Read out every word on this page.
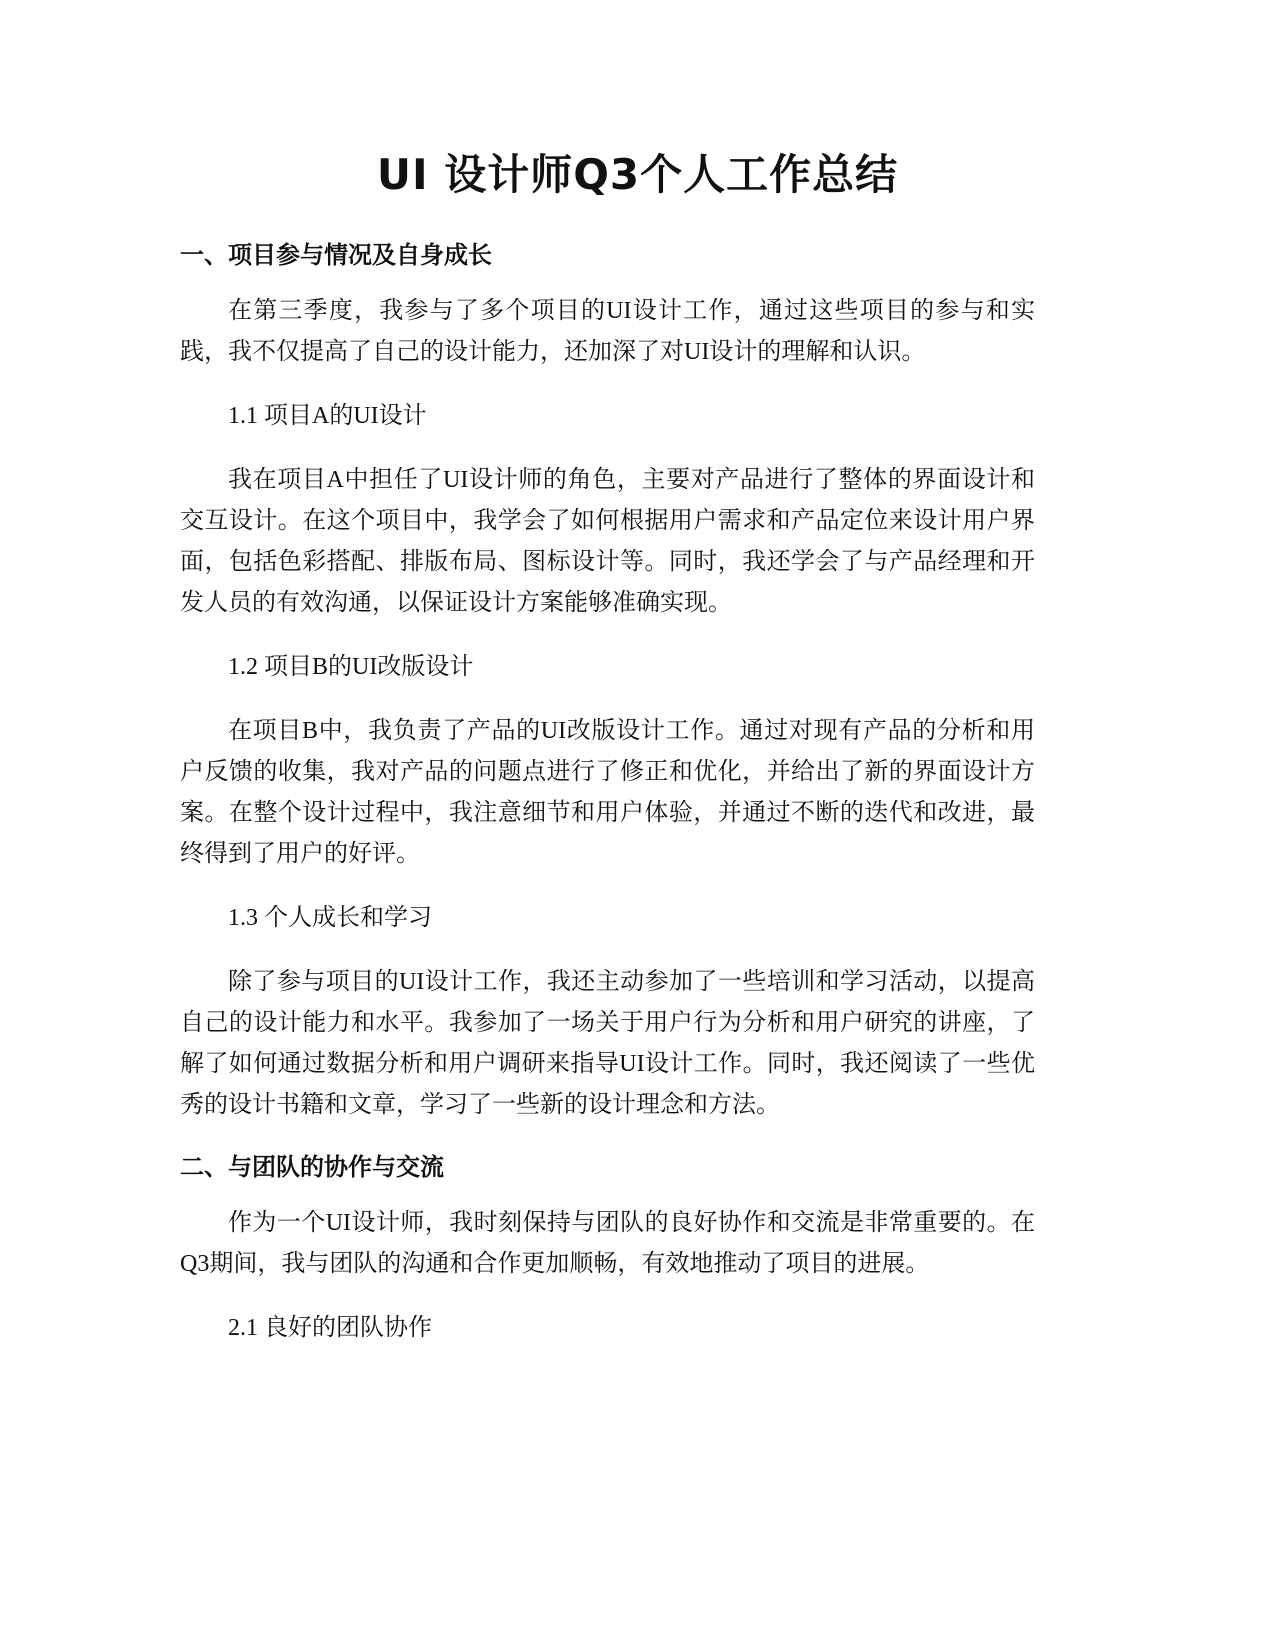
UI 设计师Q3个人工作总结
一、项目参与情况及自身成长

在第三季度，我参与了多个项目的UI设计工作，通过这些项目的参与和实践，我不仅提高了自己的设计能力，还加深了对UI设计的理解和认识。

1.1 项目A的UI设计

我在项目A中担任了UI设计师的角色，主要对产品进行了整体的界面设计和交互设计。在这个项目中，我学会了如何根据用户需求和产品定位来设计用户界面，包括色彩搭配、排版布局、图标设计等。同时，我还学会了与产品经理和开发人员的有效沟通，以保证设计方案能够准确实现。

1.2 项目B的UI改版设计

在项目B中，我负责了产品的UI改版设计工作。通过对现有产品的分析和用户反馈的收集，我对产品的问题点进行了修正和优化，并给出了新的界面设计方案。在整个设计过程中，我注意细节和用户体验，并通过不断的迭代和改进，最终得到了用户的好评。

1.3 个人成长和学习

除了参与项目的UI设计工作，我还主动参加了一些培训和学习活动，以提高自己的设计能力和水平。我参加了一场关于用户行为分析和用户研究的讲座，了解了如何通过数据分析和用户调研来指导UI设计工作。同时，我还阅读了一些优秀的设计书籍和文章，学习了一些新的设计理念和方法。

二、与团队的协作与交流

作为一个UI设计师，我时刻保持与团队的良好协作和交流是非常重要的。在Q3期间，我与团队的沟通和合作更加顺畅，有效地推动了项目的进展。

2.1 良好的团队协作
